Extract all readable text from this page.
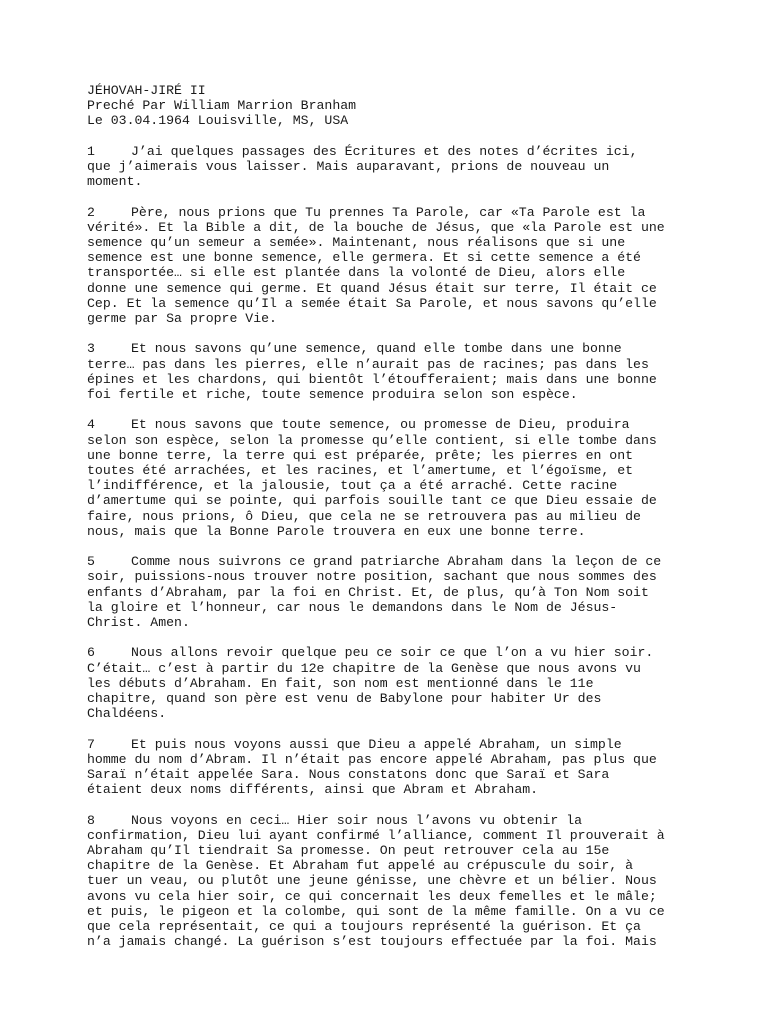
JÉHOVAH-JIRÉ II
Preché Par William Marrion Branham
Le 03.04.1964 Louisville, MS, USA
1	J’ai quelques passages des Écritures et des notes d’écrites ici,
que j’aimerais vous laisser. Mais auparavant, prions de nouveau un
moment.
2	Père, nous prions que Tu prennes Ta Parole, car «Ta Parole est la
vérité». Et la Bible a dit, de la bouche de Jésus, que «la Parole est une
semence qu’un semeur a semée». Maintenant, nous réalisons que si une
semence est une bonne semence, elle germera. Et si cette semence a été
transportée… si elle est plantée dans la volonté de Dieu, alors elle
donne une semence qui germe. Et quand Jésus était sur terre, Il était ce
Cep. Et la semence qu’Il a semée était Sa Parole, et nous savons qu’elle
germe par Sa propre Vie.
3	Et nous savons qu’une semence, quand elle tombe dans une bonne
terre… pas dans les pierres, elle n’aurait pas de racines; pas dans les
épines et les chardons, qui bientôt l’étoufferaient; mais dans une bonne
foi fertile et riche, toute semence produira selon son espèce.
4	Et nous savons que toute semence, ou promesse de Dieu, produira
selon son espèce, selon la promesse qu’elle contient, si elle tombe dans
une bonne terre, la terre qui est préparée, prête; les pierres en ont
toutes été arrachées, et les racines, et l’amertume, et l’égoïsme, et
l’indifférence, et la jalousie, tout ça a été arraché. Cette racine
d’amertume qui se pointe, qui parfois souille tant ce que Dieu essaie de
faire, nous prions, ô Dieu, que cela ne se retrouvera pas au milieu de
nous, mais que la Bonne Parole trouvera en eux une bonne terre.
5	Comme nous suivrons ce grand patriarche Abraham dans la leçon de ce
soir, puissions-nous trouver notre position, sachant que nous sommes des
enfants d’Abraham, par la foi en Christ. Et, de plus, qu’à Ton Nom soit
la gloire et l’honneur, car nous le demandons dans le Nom de Jésus-
Christ. Amen.
6	Nous allons revoir quelque peu ce soir ce que l’on a vu hier soir.
C’était… c’est à partir du 12e chapitre de la Genèse que nous avons vu
les débuts d’Abraham. En fait, son nom est mentionné dans le 11e
chapitre, quand son père est venu de Babylone pour habiter Ur des
Chaldéens.
7	Et puis nous voyons aussi que Dieu a appelé Abraham, un simple
homme du nom d’Abram. Il n’était pas encore appelé Abraham, pas plus que
Saraï n’était appelée Sara. Nous constatons donc que Saraï et Sara
étaient deux noms différents, ainsi que Abram et Abraham.
8	Nous voyons en ceci… Hier soir nous l’avons vu obtenir la
confirmation, Dieu lui ayant confirmé l’alliance, comment Il prouverait à
Abraham qu’Il tiendrait Sa promesse. On peut retrouver cela au 15e
chapitre de la Genèse. Et Abraham fut appelé au crépuscule du soir, à
tuer un veau, ou plutôt une jeune génisse, une chèvre et un bélier. Nous
avons vu cela hier soir, ce qui concernait les deux femelles et le mâle;
et puis, le pigeon et la colombe, qui sont de la même famille. On a vu ce
que cela représentait, ce qui a toujours représenté la guérison. Et ça
n’a jamais changé. La guérison s’est toujours effectuée par la foi. Mais
